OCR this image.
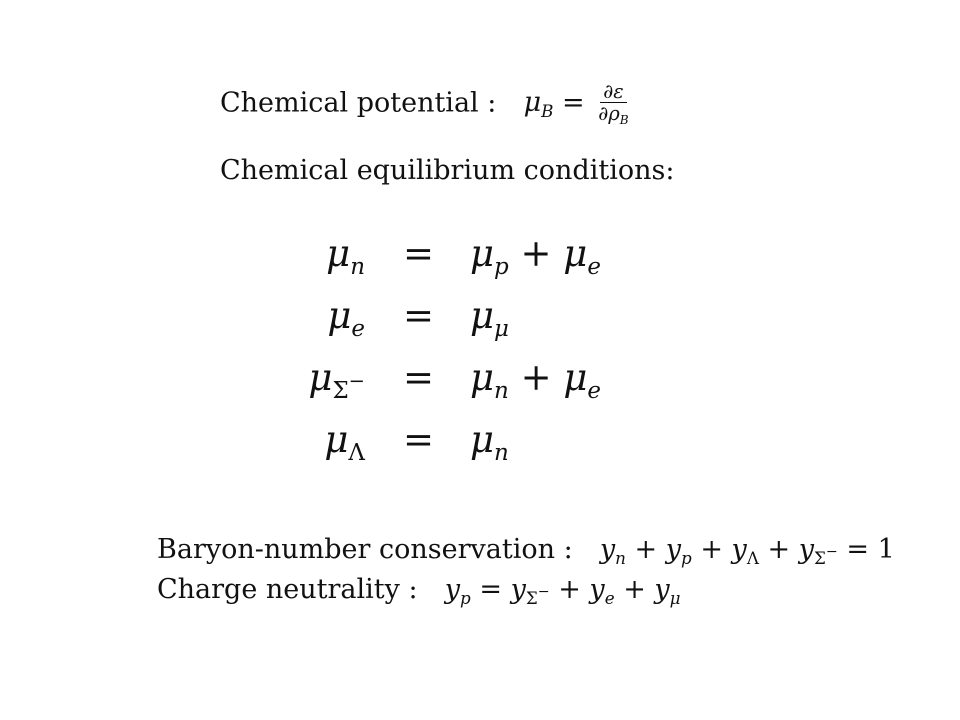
Chemical potential : $\mu_B = \frac{\partial\varepsilon}{\partial\rho_B}$
Chemical equilibrium conditions:
$\mu_n = \mu_p + \mu_e$
$\mu_e = \mu_\mu$
$\mu_{\Sigma^-} = \mu_n + \mu_e$
$\mu_\Lambda = \mu_n$
Baryon-number conservation : $y_n + y_p + y_\Lambda + y_{\Sigma^-} = 1$
Charge neutrality : $y_p = y_{\Sigma^-} + y_e + y_\mu$
